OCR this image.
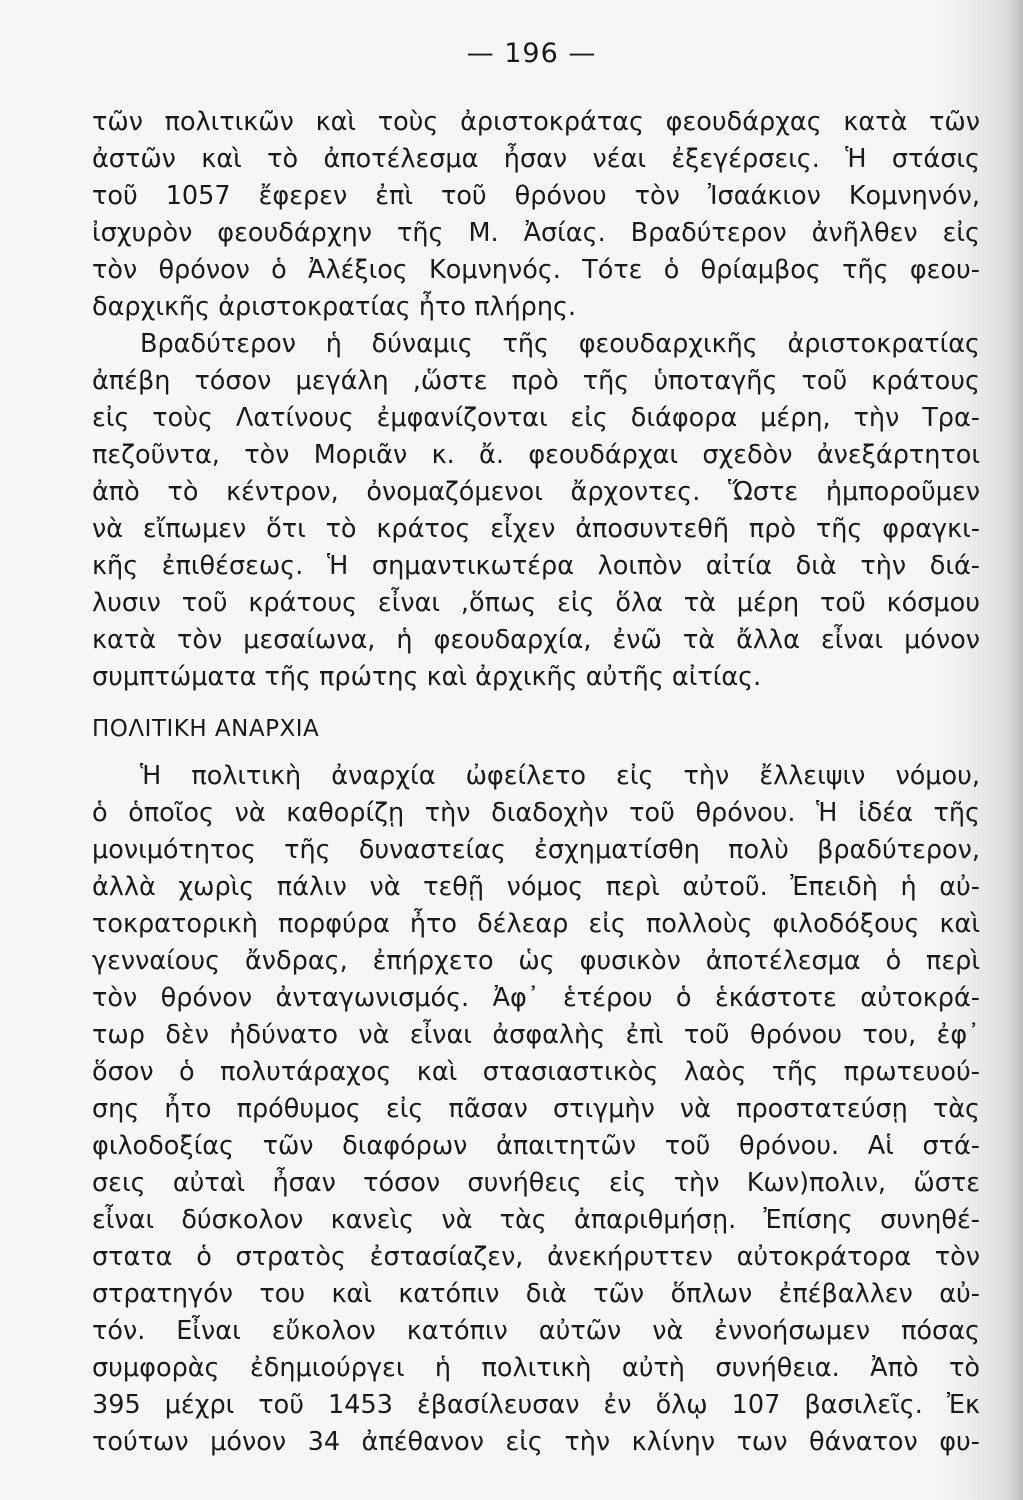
— 196 —
τῶν πολιτικῶν καὶ τοὺς ἀριστοκράτας φεουδάρχας κατὰ τῶν
ἀστῶν καὶ τὸ ἀποτέλεσμα ἦσαν νέαι ἐξεγέρσεις. Ἡ στάσις
τοῦ 1057 ἔφερεν ἐπὶ τοῦ θρόνου τὸν Ἰσαάκιον Κομνηνόν,
ἰσχυρὸν φεουδάρχην τῆς Μ. Ἀσίας. Βραδύτερον ἀνῆλθεν εἰς
τὸν θρόνον ὁ Ἀλέξιος Κομνηνός. Τότε ὁ θρίαμβος τῆς φεου-
δαρχικῆς ἀριστοκρατίας ἦτο πλήρης.
Βραδύτερον ἡ δύναμις τῆς φεουδαρχικῆς ἀριστοκρατίας
ἀπέβη τόσον μεγάλη ,ὥστε πρὸ τῆς ὑποταγῆς τοῦ κράτους
εἰς τοὺς Λατίνους ἐμφανίζονται εἰς διάφορα μέρη, τὴν Τρα-
πεζοῦντα, τὸν Μοριᾶν κ. ἄ. φεουδάρχαι σχεδὸν ἀνεξάρτητοι
ἀπὸ τὸ κέντρον, ὀνομαζόμενοι ἄρχοντες. Ὥστε ἠμποροῦμεν
νὰ εἴπωμεν ὅτι τὸ κράτος εἶχεν ἀποσυντεθῆ πρὸ τῆς φραγκι-
κῆς ἐπιθέσεως. Ἡ σημαντικωτέρα λοιπὸν αἰτία διὰ τὴν διά-
λυσιν τοῦ κράτους εἶναι ,ὅπως εἰς ὅλα τὰ μέρη τοῦ κόσμου
κατὰ τὸν μεσαίωνα, ἡ φεουδαρχία, ἐνῶ τὰ ἄλλα εἶναι μόνον
συμπτώματα τῆς πρώτης καὶ ἀρχικῆς αὐτῆς αἰτίας.
ΠΟΛΙΤΙΚΗ ΑΝΑΡΧΙΑ
Ἡ πολιτικὴ ἀναρχία ὠφείλετο εἰς τὴν ἔλλειψιν νόμου,
ὁ ὁποῖος νὰ καθορίζῃ τὴν διαδοχὴν τοῦ θρόνου. Ἡ ἰδέα τῆς
μονιμότητος τῆς δυναστείας ἐσχηματίσθη πολὺ βραδύτερον,
ἀλλὰ χωρὶς πάλιν νὰ τεθῇ νόμος περὶ αὐτοῦ. Ἐπειδὴ ἡ αὐ-
τοκρατορικὴ πορφύρα ἦτο δέλεαρ εἰς πολλοὺς φιλοδόξους καὶ
γενναίους ἄνδρας, ἐπήρχετο ὡς φυσικὸν ἀποτέλεσμα ὁ περὶ
τὸν θρόνον ἀνταγωνισμός. Ἀφ᾽ ἑτέρου ὁ ἑκάστοτε αὐτοκρά-
τωρ δὲν ἠδύνατο νὰ εἶναι ἀσφαλὴς ἐπὶ τοῦ θρόνου του, ἐφ᾽
ὅσον ὁ πολυτάραχος καὶ στασιαστικὸς λαὸς τῆς πρωτευού-
σης ἦτο πρόθυμος εἰς πᾶσαν στιγμὴν νὰ προστατεύσῃ τὰς
φιλοδοξίας τῶν διαφόρων ἀπαιτητῶν τοῦ θρόνου. Αἱ στά-
σεις αὐταὶ ἦσαν τόσον συνήθεις εἰς τὴν Κων)πολιν, ὥστε
εἶναι δύσκολον κανεὶς νὰ τὰς ἀπαριθμήσῃ. Ἐπίσης συνηθέ-
στατα ὁ στρατὸς ἐστασίαζεν, ἀνεκήρυττεν αὐτοκράτορα τὸν
στρατηγόν του καὶ κατόπιν διὰ τῶν ὅπλων ἐπέβαλλεν αὐ-
τόν. Εἶναι εὔκολον κατόπιν αὐτῶν νὰ ἐννοήσωμεν πόσας
συμφορὰς ἐδημιούργει ἡ πολιτικὴ αὐτὴ συνήθεια. Ἀπὸ τὸ
395 μέχρι τοῦ 1453 ἐβασίλευσαν ἐν ὅλῳ 107 βασιλεῖς. Ἐκ
τούτων μόνον 34 ἀπέθανον εἰς τὴν κλίνην των θάνατον φυ-
